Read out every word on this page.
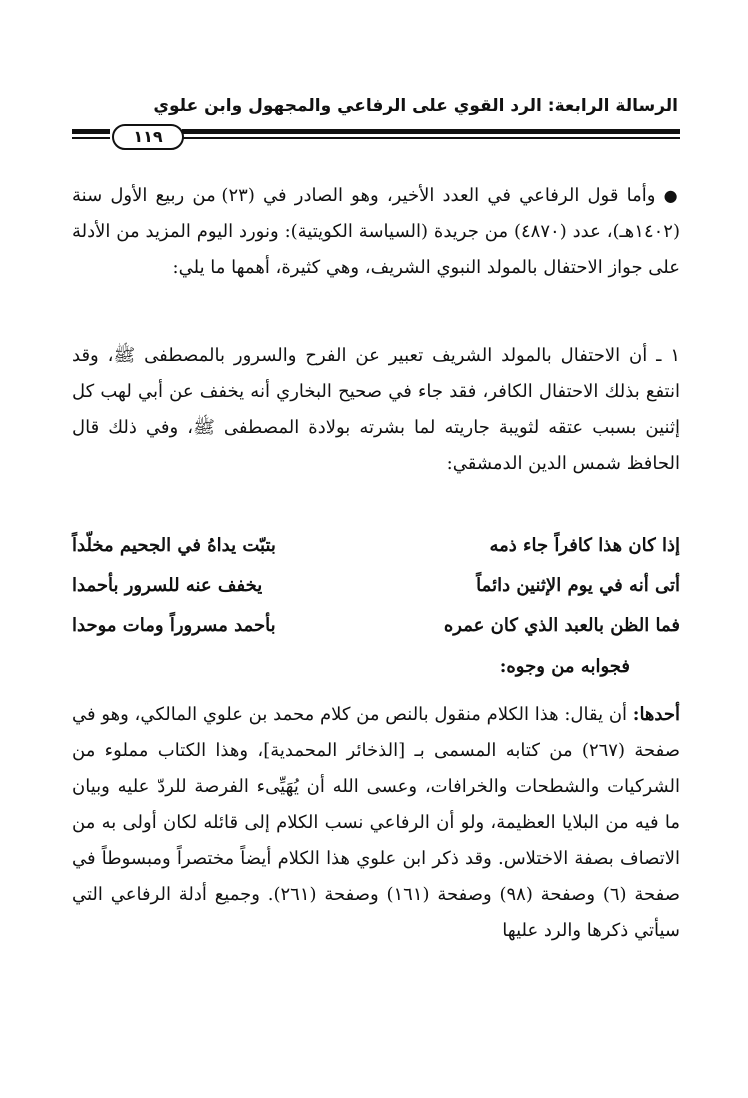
الرسالة الرابعة: الرد القوي على الرفاعي والمجهول وابن علوي
١١٩

● وأما قول الرفاعي في العدد الأخير، وهو الصادر في (٢٣) من ربيع الأول سنة (١٤٠٢هـ)، عدد (٤٨٧٠) من جريدة (السياسة الكويتية): ونورد اليوم المزيد من الأدلة على جواز الاحتفال بالمولد النبوي الشريف، وهي كثيرة، أهمها ما يلي:

١ ـ أن الاحتفال بالمولد الشريف تعبير عن الفرح والسرور بالمصطفى ﷺ، وقد انتفع بذلك الاحتفال الكافر، فقد جاء في صحيح البخاري أنه يخفف عن أبي لهب كل إثنين بسبب عتقه لثويبة جاريته لما بشرته بولادة المصطفى ﷺ، وفي ذلك قال الحافظ شمس الدين الدمشقي:

إذا كان هذا كافراً جاء ذمه
بتبّت يداهُ في الجحيم مخلّداً
أتى أنه في يوم الإثنين دائماً
يخفف عنه للسرور بأحمدا
فما الظن بالعبد الذي كان عمره
بأحمد مسروراً ومات موحدا
فجوابه من وجوه:

أحدها: أن يقال: هذا الكلام منقول بالنص من كلام محمد بن علوي المالكي، وهو في صفحة (٢٦٧) من كتابه المسمى بـ [الذخائر المحمدية]، وهذا الكتاب مملوء من الشركيات والشطحات والخرافات، وعسى الله أن يُهَيِّىء الفرصة للردّ عليه وبيان ما فيه من البلايا العظيمة، ولو أن الرفاعي نسب الكلام إلى قائله لكان أولى به من الاتصاف بصفة الاختلاس. وقد ذكر ابن علوي هذا الكلام أيضاً مختصراً ومبسوطاً في صفحة (٦) وصفحة (٩٨) وصفحة (١٦١) وصفحة (٢٦١). وجميع أدلة الرفاعي التي سيأتي ذكرها والرد عليها
